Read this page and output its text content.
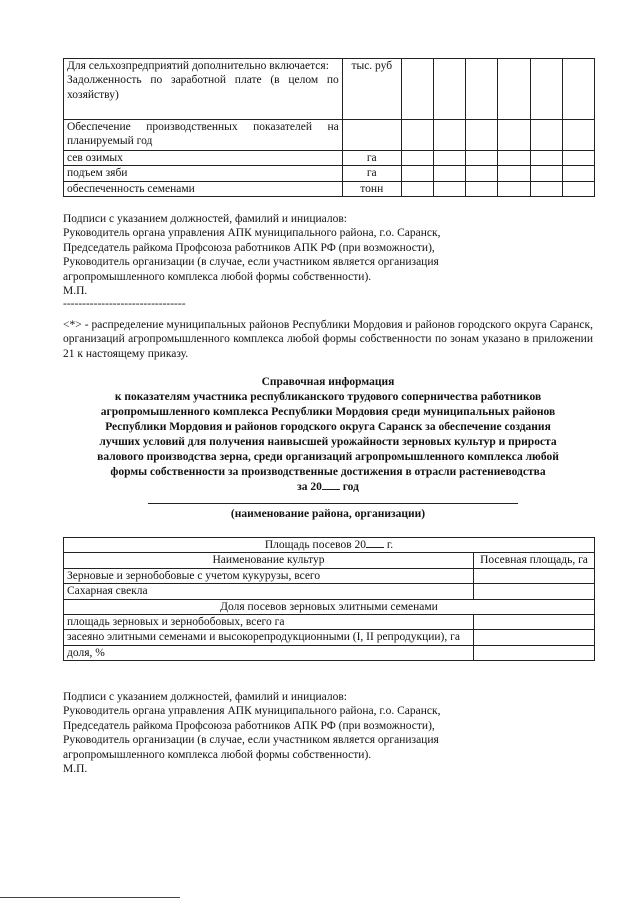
Для сельхозпредприятий дополнительно включается:
Задолженность по заработной плате (в целом по хозяйству)	тыс. руб						
Обеспечение производственных показателей на планируемый год							
сев озимых	га						
подъем зяби	га						
обеспеченность семенами	тонн						
Подписи с указанием должностей, фамилий и инициалов:
Руководитель органа управления АПК муниципального района, г.о. Саранск,
Председатель райкома Профсоюза работников АПК РФ (при возможности),
Руководитель организации (в случае, если участником является организация
агропромышленного комплекса любой формы собственности).
М.П.
--------------------------------
<*> - распределение муниципальных районов Республики Мордовия и районов городского округа Саранск, организаций агропромышленного комплекса любой формы собственности по зонам указано в приложении 21 к настоящему приказу.
Справочная информация
к показателям участника республиканского трудового соперничества работников
агропромышленного комплекса Республики Мордовия среди муниципальных районов
Республики Мордовия и районов городского округа Саранск за обеспечение создания
лучших условий для получения наивысшей урожайности зерновых культур и прироста
валового производства зерна, среди организаций агропромышленного комплекса любой
формы собственности за производственные достижения в отрасли растениеводства
за 20 год
(наименование района, организации)
Площадь посевов 20 г.	
Наименование культур	Посевная площадь, га
Зерновые и зернобобовые с учетом кукурузы, всего	
Сахарная свекла	
Доля посевов зерновых элитными семенами	
площадь зерновых и зернобобовых, всего га	
засеяно элитными семенами и высокорепродукционными (I, II репродукции), га	
доля, %	
Подписи с указанием должностей, фамилий и инициалов:
Руководитель органа управления АПК муниципального района, г.о. Саранск,
Председатель райкома Профсоюза работников АПК РФ (при возможности),
Руководитель организации (в случае, если участником является организация
агропромышленного комплекса любой формы собственности).
М.П.
